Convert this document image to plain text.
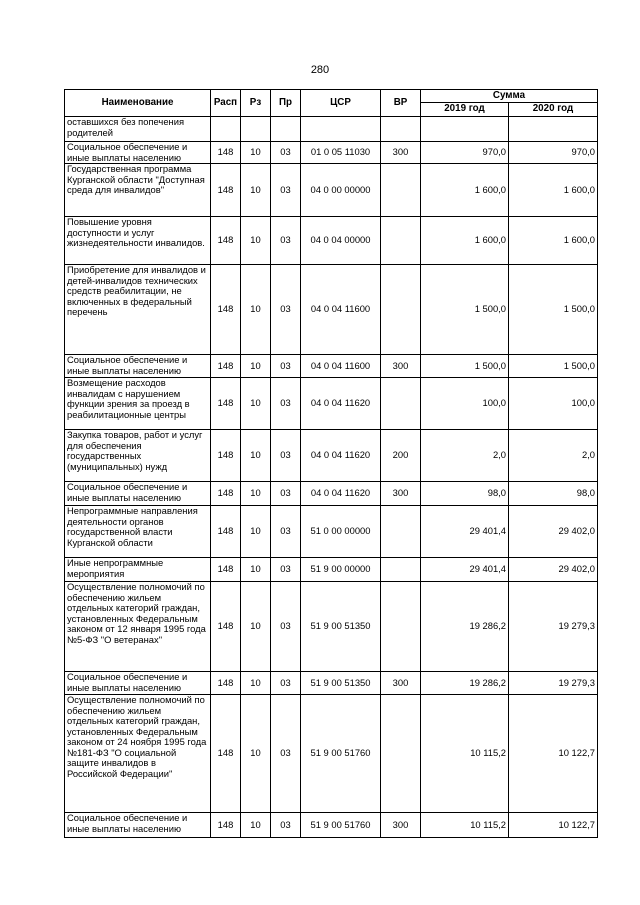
280
Наименование	Расп	Рз	Пр	ЦСР	ВР	Сумма	
						2019 год	2020 год
оставшихся без попечения родителей							
Социальное обеспечение и иные выплаты населению	148	10	03	01 0 05 11030	300	970,0	970,0
Государственная программа Курганской области "Доступная среда для инвалидов"	148	10	03	04 0 00 00000		1 600,0	1 600,0
Повышение уровня доступности и услуг жизнедеятельности инвалидов.	148	10	03	04 0 04 00000		1 600,0	1 600,0
Приобретение для инвалидов и детей-инвалидов технических средств реабилитации, не включенных в федеральный перечень	148	10	03	04 0 04 11600		1 500,0	1 500,0
Социальное обеспечение и иные выплаты населению	148	10	03	04 0 04 11600	300	1 500,0	1 500,0
Возмещение расходов инвалидам с нарушением функции зрения за проезд в реабилитационные центры	148	10	03	04 0 04 11620		100,0	100,0
Закупка товаров, работ и услуг для обеспечения государственных (муниципальных) нужд	148	10	03	04 0 04 11620	200	2,0	2,0
Социальное обеспечение и иные выплаты населению	148	10	03	04 0 04 11620	300	98,0	98,0
Непрограммные направления деятельности органов государственной власти Курганской области	148	10	03	51 0 00 00000		29 401,4	29 402,0
Иные непрограммные мероприятия	148	10	03	51 9 00 00000		29 401,4	29 402,0
Осуществление полномочий по обеспечению жильем отдельных категорий граждан, установленных Федеральным законом от 12 января 1995 года №5-ФЗ "О ветеранах"	148	10	03	51 9 00 51350		19 286,2	19 279,3
Социальное обеспечение и иные выплаты населению	148	10	03	51 9 00 51350	300	19 286,2	19 279,3
Осуществление полномочий по обеспечению жильем отдельных категорий граждан, установленных Федеральным законом от 24 ноября 1995 года №181-ФЗ "О социальной защите инвалидов в Российской Федерации"	148	10	03	51 9 00 51760		10 115,2	10 122,7
Социальное обеспечение и иные выплаты населению	148	10	03	51 9 00 51760	300	10 115,2	10 122,7
